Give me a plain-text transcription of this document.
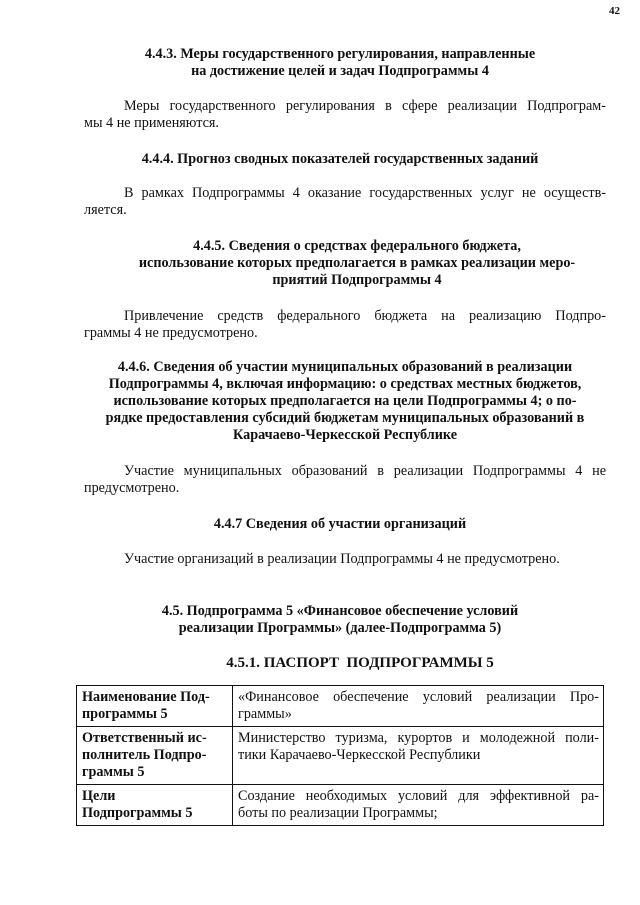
42
4.4.3. Меры государственного регулирования, направленные
на достижение целей и задач Подпрограммы 4
Меры государственного регулирования в сфере реализации Подпрограм-
мы 4 не применяются.
4.4.4. Прогноз сводных показателей государственных заданий
В рамках Подпрограммы 4 оказание государственных услуг не осуществ-
ляется.
4.4.5. Сведения о средствах федерального бюджета,
использование которых предполагается в рамках реализации меро-
приятий Подпрограммы 4
Привлечение средств федерального бюджета на реализацию Подпро-
граммы 4 не предусмотрено.
4.4.6. Сведения об участии муниципальных образований в реализации
Подпрограммы 4, включая информацию: о средствах местных бюджетов,
использование которых предполагается на цели Подпрограммы 4; о по-
рядке предоставления субсидий бюджетам муниципальных образований в
Карачаево-Черкесской Республике
Участие муниципальных образований в реализации Подпрограммы 4 не
предусмотрено.
4.4.7 Сведения об участии организаций
Участие организаций в реализации Подпрограммы 4 не предусмотрено.
4.5. Подпрограмма 5 «Финансовое обеспечение условий
реализации Программы» (далее-Подпрограмма 5)
4.5.1. ПАСПОРТ  ПОДПРОГРАММЫ 5
Наименование Под-
программы 5	«Финансовое обеспечение условий реализации Про-
граммы»

Ответственный ис-
полнитель Подпро-
граммы 5	Министерство туризма, курортов и молодежной поли-
тики Карачаево-Черкесской Республики

Цели
Подпрограммы 5	Создание необходимых условий для эффективной ра-
боты по реализации Программы;
